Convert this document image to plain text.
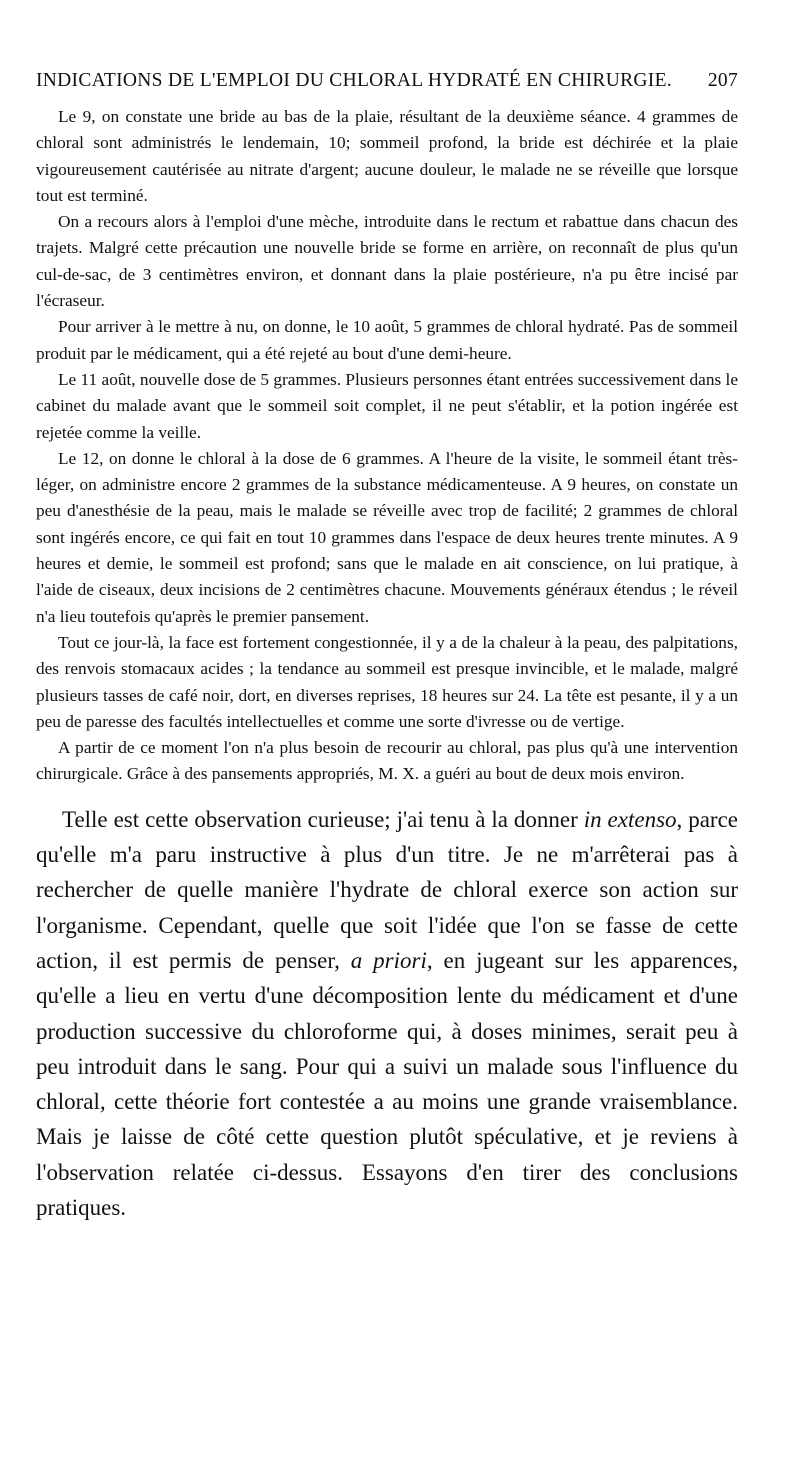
INDICATIONS DE L'EMPLOI DU CHLORAL HYDRATÉ EN CHIRURGIE. 207

Le 9, on constate une bride au bas de la plaie, résultant de la deuxième séance. 4 grammes de chloral sont administrés le lendemain, 10; sommeil profond, la bride est déchirée et la plaie vigoureusement cautérisée au nitrate d'argent; aucune douleur, le malade ne se réveille que lorsque tout est terminé.

On a recours alors à l'emploi d'une mèche, introduite dans le rectum et rabattue dans chacun des trajets. Malgré cette précaution une nouvelle bride se forme en arrière, on reconnaît de plus qu'un cul-de-sac, de 3 centimètres environ, et donnant dans la plaie postérieure, n'a pu être incisé par l'écraseur.

Pour arriver à le mettre à nu, on donne, le 10 août, 5 grammes de chloral hydraté. Pas de sommeil produit par le médicament, qui a été rejeté au bout d'une demi-heure.

Le 11 août, nouvelle dose de 5 grammes. Plusieurs personnes étant entrées successivement dans le cabinet du malade avant que le sommeil soit complet, il ne peut s'établir, et la potion ingérée est rejetée comme la veille.

Le 12, on donne le chloral à la dose de 6 grammes. A l'heure de la visite, le sommeil étant très-léger, on administre encore 2 grammes de la substance médicamenteuse. A 9 heures, on constate un peu d'anesthésie de la peau, mais le malade se réveille avec trop de facilité; 2 grammes de chloral sont ingérés encore, ce qui fait en tout 10 grammes dans l'espace de deux heures trente minutes. A 9 heures et demie, le sommeil est profond; sans que le malade en ait conscience, on lui pratique, à l'aide de ciseaux, deux incisions de 2 centimètres chacune. Mouvements généraux étendus ; le réveil n'a lieu toutefois qu'après le premier pansement.

Tout ce jour-là, la face est fortement congestionnée, il y a de la chaleur à la peau, des palpitations, des renvois stomacaux acides ; la tendance au sommeil est presque invincible, et le malade, malgré plusieurs tasses de café noir, dort, en diverses reprises, 18 heures sur 24. La tête est pesante, il y a un peu de paresse des facultés intellectuelles et comme une sorte d'ivresse ou de vertige.

A partir de ce moment l'on n'a plus besoin de recourir au chloral, pas plus qu'à une intervention chirurgicale. Grâce à des pansements appropriés, M. X. a guéri au bout de deux mois environ.

Telle est cette observation curieuse; j'ai tenu à la donner in extenso, parce qu'elle m'a paru instructive à plus d'un titre. Je ne m'arrêterai pas à rechercher de quelle manière l'hydrate de chloral exerce son action sur l'organisme. Cependant, quelle que soit l'idée que l'on se fasse de cette action, il est permis de penser, a priori, en jugeant sur les apparences, qu'elle a lieu en vertu d'une décomposition lente du médicament et d'une production successive du chloroforme qui, à doses minimes, serait peu à peu introduit dans le sang. Pour qui a suivi un malade sous l'influence du chloral, cette théorie fort contestée a au moins une grande vraisemblance. Mais je laisse de côté cette question plutôt spéculative, et je reviens à l'observation relatée ci-dessus. Essayons d'en tirer des conclusions pratiques.
